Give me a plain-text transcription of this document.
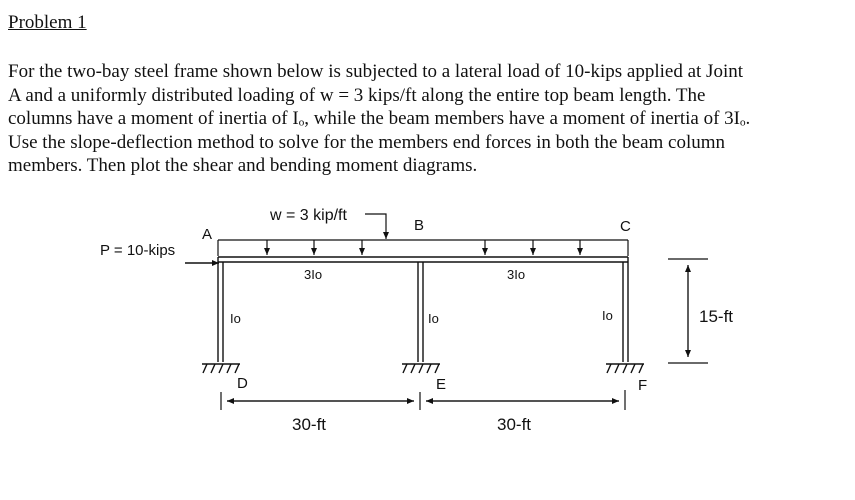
Problem 1
For the two-bay steel frame shown below is subjected to a lateral load of 10-kips applied at Joint
A and a uniformly distributed loading of w = 3 kips/ft along the entire top beam length. The
columns have a moment of inertia of Iₒ, while the beam members have a moment of inertia of 3Iₒ.
Use the slope-deflection method to solve for the members end forces in both the beam column
members. Then plot the shear and bending moment diagrams.
w = 3 kip/ft
P = 10-kips
A
B	C
D	E	F
3Io	3Io
Io	Io	Io
30-ft	30-ft
15-ft
